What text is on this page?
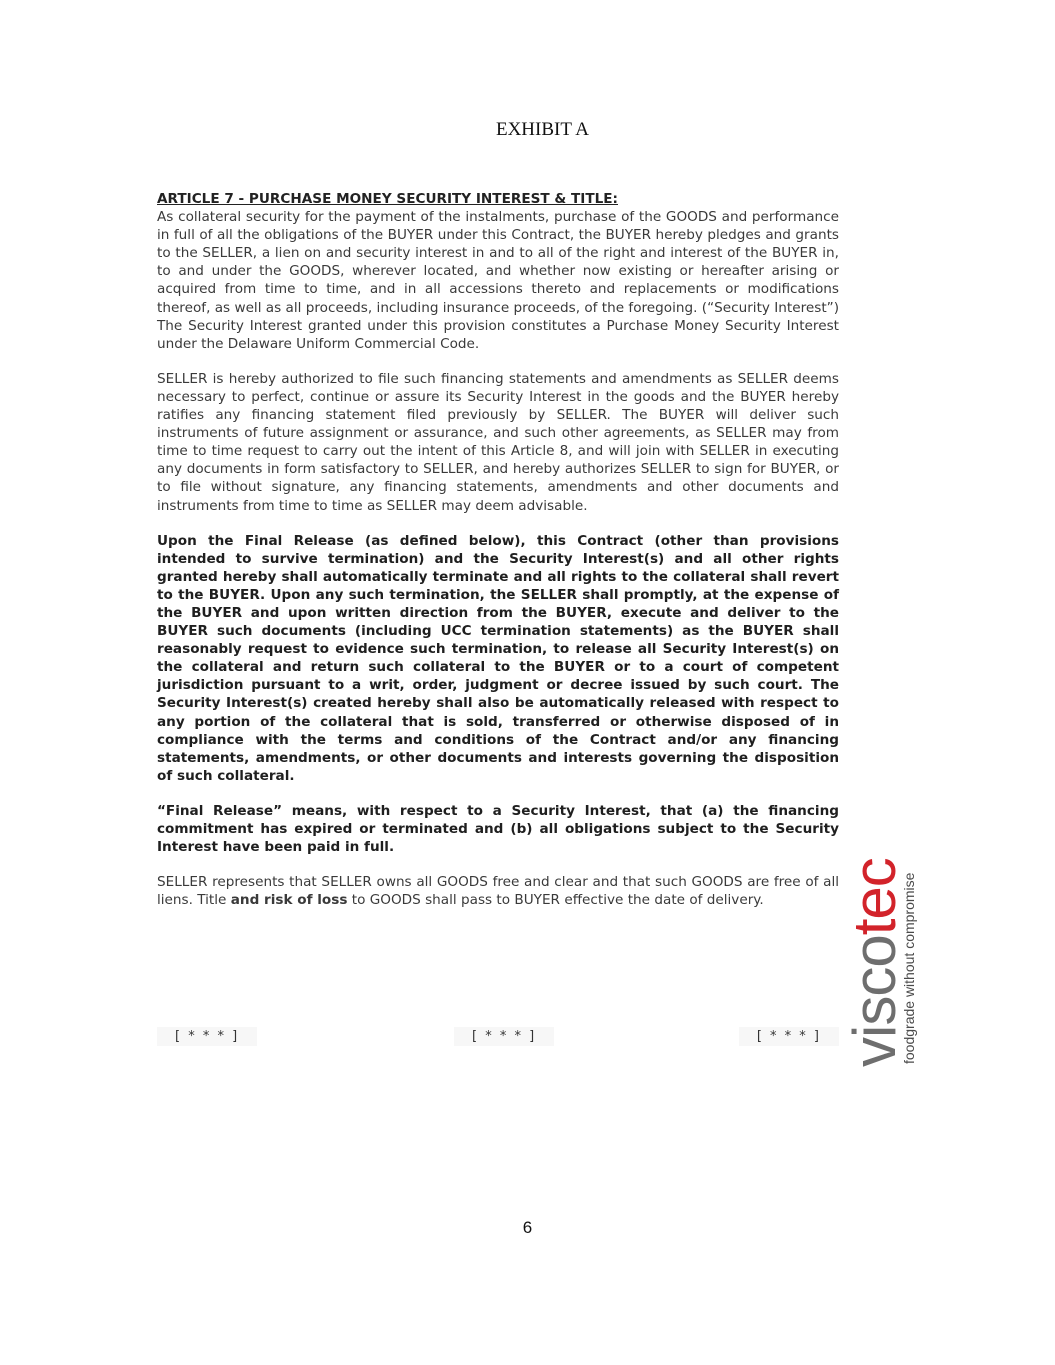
EXHIBIT A

ARTICLE 7 - PURCHASE MONEY SECURITY INTEREST & TITLE:

As collateral security for the payment of the instalments, purchase of the GOODS and performance in full of all the obligations of the BUYER under this Contract, the BUYER hereby pledges and grants to the SELLER, a lien on and security interest in and to all of the right and interest of the BUYER in, to and under the GOODS, wherever located, and whether now existing or hereafter arising or acquired from time to time, and in all accessions thereto and replacements or modifications thereof, as well as all proceeds, including insurance proceeds, of the foregoing. (“Security Interest”) The Security Interest granted under this provision constitutes a Purchase Money Security Interest under the Delaware Uniform Commercial Code.

SELLER is hereby authorized to file such financing statements and amendments as SELLER deems necessary to perfect, continue or assure its Security Interest in the goods and the BUYER hereby ratifies any financing statement filed previously by SELLER. The BUYER will deliver such instruments of future assignment or assurance, and such other agreements, as SELLER may from time to time request to carry out the intent of this Article 8, and will join with SELLER in executing any documents in form satisfactory to SELLER, and hereby authorizes SELLER to sign for BUYER, or to file without signature, any financing statements, amendments and other documents and instruments from time to time as SELLER may deem advisable.

Upon the Final Release (as defined below), this Contract (other than provisions intended to survive termination) and the Security Interest(s) and all other rights granted hereby shall automatically terminate and all rights to the collateral shall revert to the BUYER. Upon any such termination, the SELLER shall promptly, at the expense of the BUYER and upon written direction from the BUYER, execute and deliver to the BUYER such documents (including UCC termination statements) as the BUYER shall reasonably request to evidence such termination, to release all Security Interest(s) on the collateral and return such collateral to the BUYER or to a court of competent jurisdiction pursuant to a writ, order, judgment or decree issued by such court. The Security Interest(s) created hereby shall also be automatically released with respect to any portion of the collateral that is sold, transferred or otherwise disposed of in compliance with the terms and conditions of the Contract and/or any financing statements, amendments, or other documents and interests governing the disposition of such collateral.

“Final Release” means, with respect to a Security Interest, that (a) the financing commitment has expired or terminated and (b) all obligations subject to the Security Interest have been paid in full.

SELLER represents that SELLER owns all GOODS free and clear and that such GOODS are free of all liens. Title and risk of loss to GOODS shall pass to BUYER effective the date of delivery.

[ * * * ]	[ * * * ]	[ * * * ] viscotec
foodgrade without compromise
6
